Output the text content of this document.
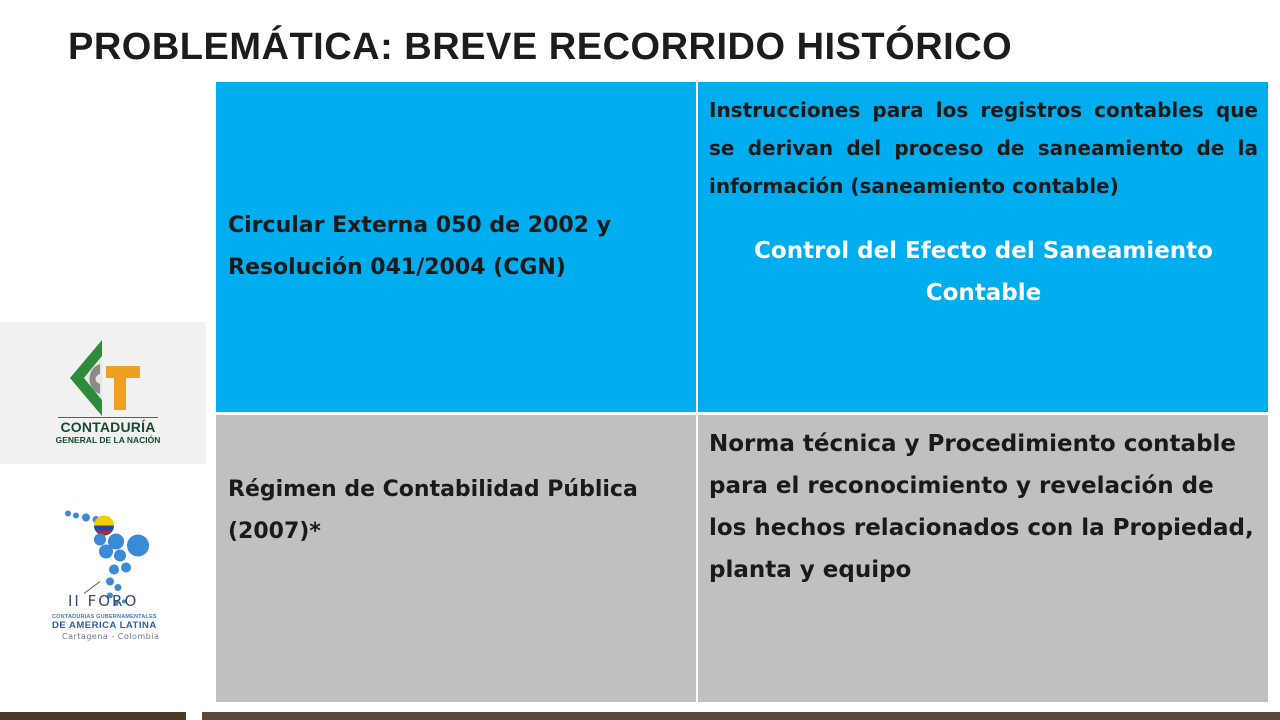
PROBLEMÁTICA: BREVE RECORRIDO HISTÓRICO
CONTADURÍA
GENERAL DE LA NACIÓN
II FORO
CONTADURIAS GUBERNAMENTALES
DE AMERICA LATINA
Cartagena - Colombia
Circular Externa 050 de 2002 y Resolución 041/2004 (CGN)

Instrucciones para los registros contables que se derivan del proceso de saneamiento de la información (saneamiento contable)

Control del Efecto del Saneamiento Contable

Régimen de Contabilidad Pública (2007)*
Norma técnica y Procedimiento contable para el reconocimiento y revelación de los hechos relacionados con la Propiedad, planta y equipo
